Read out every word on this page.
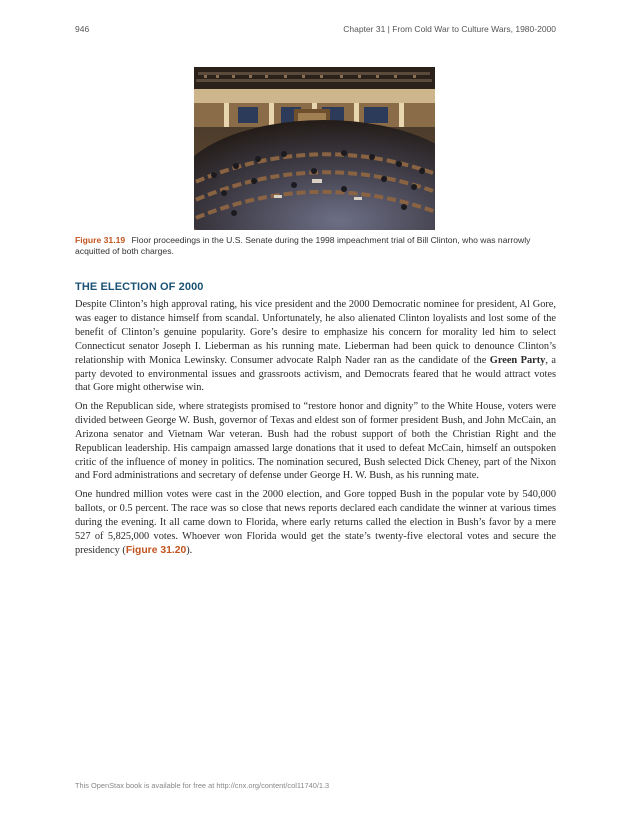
946	Chapter 31 | From Cold War to Culture Wars, 1980-2000
Figure 31.19 Floor proceedings in the U.S. Senate during the 1998 impeachment trial of Bill Clinton, who was narrowly acquitted of both charges.
THE ELECTION OF 2000

Despite Clinton’s high approval rating, his vice president and the 2000 Democratic nominee for president, Al Gore, was eager to distance himself from scandal. Unfortunately, he also alienated Clinton loyalists and lost some of the benefit of Clinton’s genuine popularity. Gore’s desire to emphasize his concern for morality led him to select Connecticut senator Joseph I. Lieberman as his running mate. Lieberman had been quick to denounce Clinton’s relationship with Monica Lewinsky. Consumer advocate Ralph Nader ran as the candidate of the Green Party, a party devoted to environmental issues and grassroots activism, and Democrats feared that he would attract votes that Gore might otherwise win.

On the Republican side, where strategists promised to “restore honor and dignity” to the White House, voters were divided between George W. Bush, governor of Texas and eldest son of former president Bush, and John McCain, an Arizona senator and Vietnam War veteran. Bush had the robust support of both the Christian Right and the Republican leadership. His campaign amassed large donations that it used to defeat McCain, himself an outspoken critic of the influence of money in politics. The nomination secured, Bush selected Dick Cheney, part of the Nixon and Ford administrations and secretary of defense under George H. W. Bush, as his running mate.

One hundred million votes were cast in the 2000 election, and Gore topped Bush in the popular vote by 540,000 ballots, or 0.5 percent. The race was so close that news reports declared each candidate the winner at various times during the evening. It all came down to Florida, where early returns called the election in Bush’s favor by a mere 527 of 5,825,000 votes. Whoever won Florida would get the state’s twenty-five electoral votes and secure the presidency (Figure 31.20).

This OpenStax book is available for free at http://cnx.org/content/col11740/1.3
